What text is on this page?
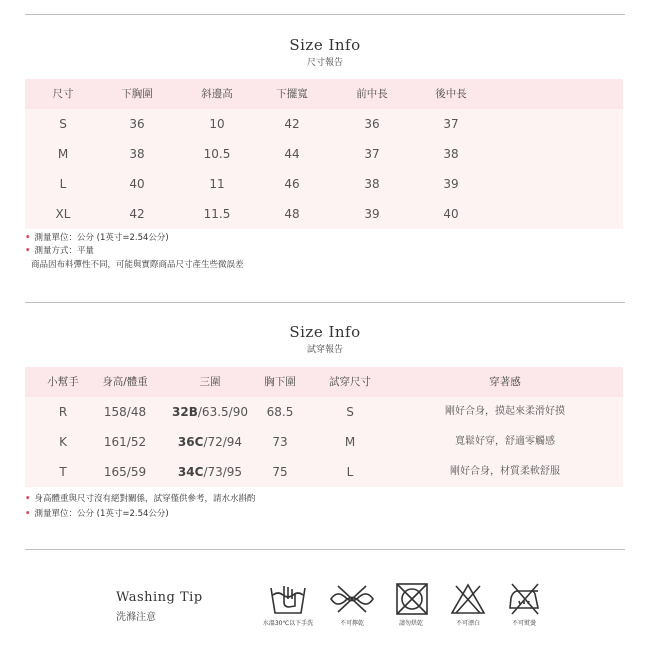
Size Info
尺寸報告
尺寸	下胸圍	斜邊高	下擺寬	前中長	後中長
S	36	10	42	36	37
M	38	10.5	44	37	38
L	40	11	46	38	39
XL	42	11.5	48	39	40
• 測量單位：公分 (1英寸=2.54公分)
• 測量方式：平量
商品因布料彈性不同，可能與實際商品尺寸產生些微誤差
Size Info
試穿報告
小幫手	身高/體重	三圍	胸下圍	試穿尺寸	穿著感
R	158/48	32B/63.5/90	68.5	S	剛好合身，摸起來柔滑好摸
K	161/52	36C/72/94	73	M	寬鬆好穿，舒適零觸感
T	165/59	34C/73/95	75	L	剛好合身，材質柔軟舒服
• 身高體重與尺寸沒有絕對關係，試穿僅供參考，請水水斟酌
• 測量單位：公分 (1英寸=2.54公分)
Washing Tip
洗滌注意
水溫30℃以下手洗	不可擰乾	請勿烘乾	不可漂白	不可熨燙
